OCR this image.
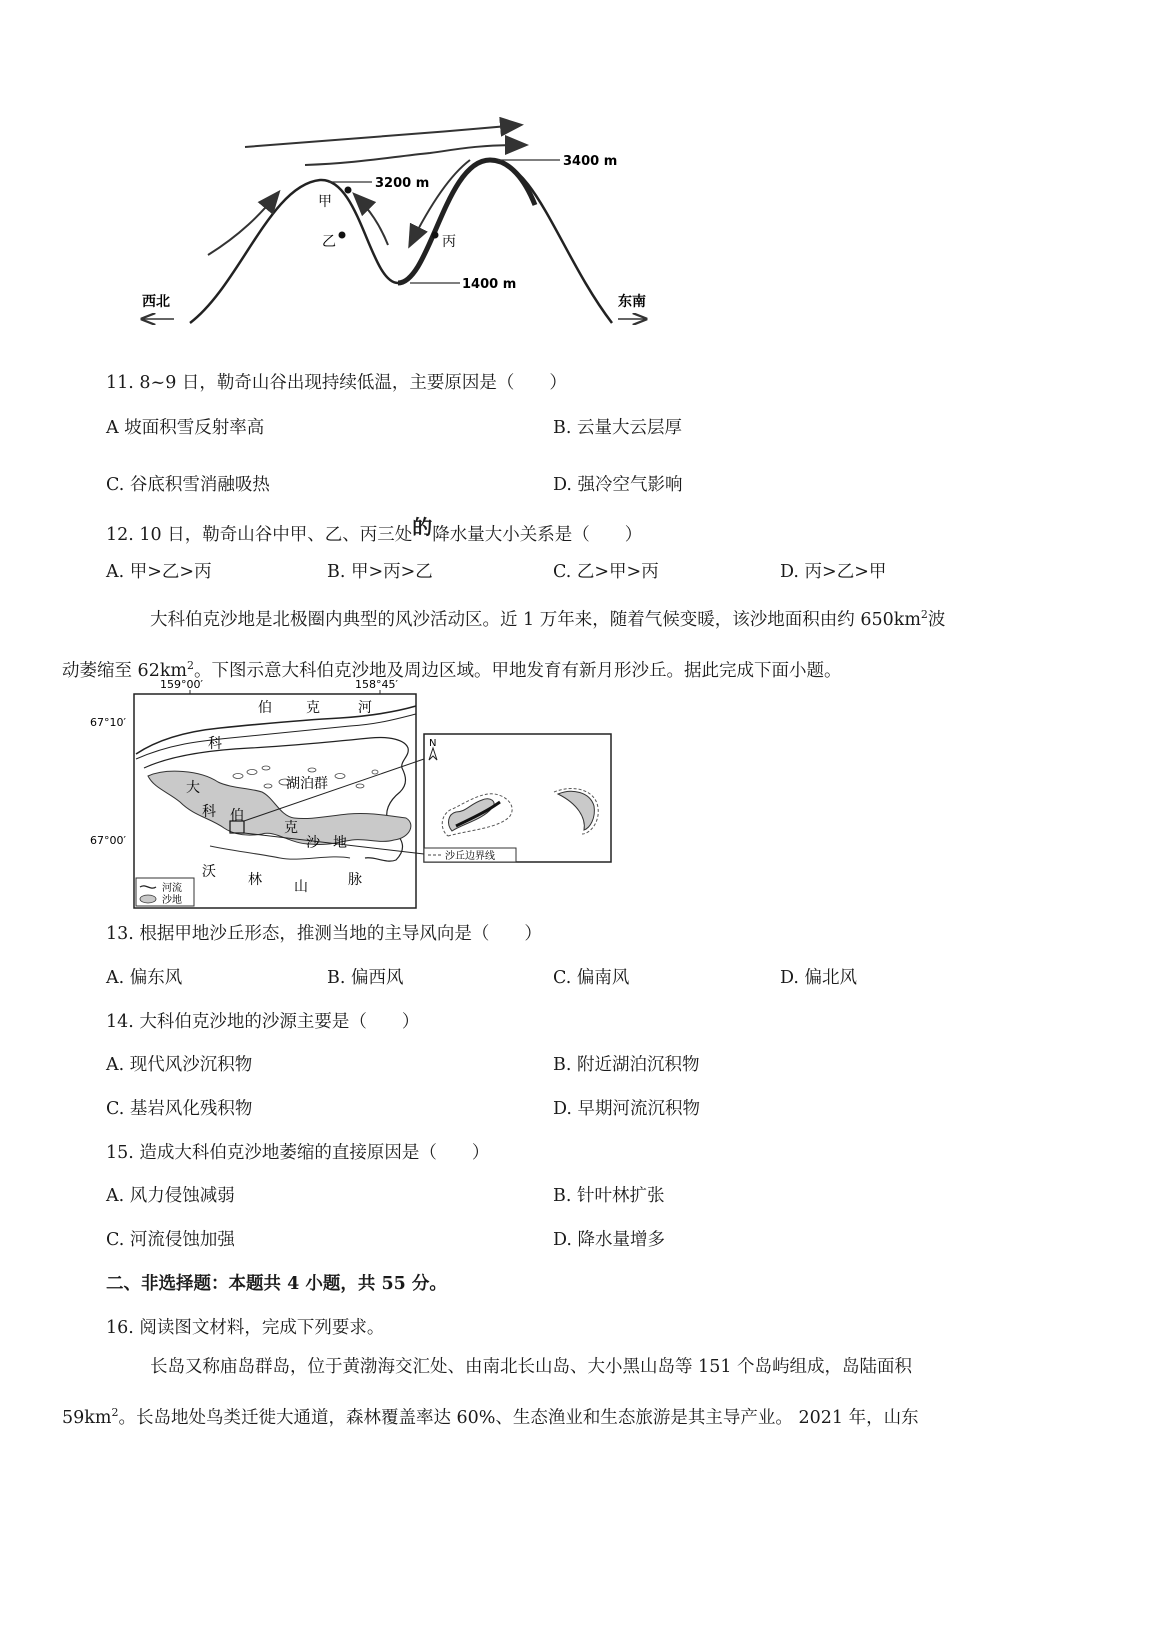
3400 m
3200 m
1400 m
甲
乙	丙
西北	东南
11. 8~9 日，勒奇山谷出现持续低温，主要原因是（　　）
A 坡面积雪反射率高	B. 云量大云层厚
C. 谷底积雪消融吸热	D. 强冷空气影响
12. 10 日，勒奇山谷中甲、乙、丙三处的降水量大小关系是（　　）
A. 甲>乙>丙	B. 甲>丙>乙	C. 乙>甲>丙	D. 丙>乙>甲
大科伯克沙地是北极圈内典型的风沙活动区。近 1 万年来，随着气候变暖，该沙地面积由约 $650km^2$波
动萎缩至 $62km^2$。下图示意大科伯克沙地及周边区域。甲地发育有新月形沙丘。据此完成下面小题。
159°00′	158°45′
67°10′
67°00′
科
伯 克	河
湖泊群
大
科 伯
克
沙 地
沃 林 山	脉
河流
沙地
N
沙丘边界线
13. 根据甲地沙丘形态，推测当地的主导风向是（　　）
A. 偏东风	B. 偏西风	C. 偏南风	D. 偏北风
14. 大科伯克沙地的沙源主要是（　　）
A. 现代风沙沉积物	B. 附近湖泊沉积物
C. 基岩风化残积物	D. 早期河流沉积物
15. 造成大科伯克沙地萎缩的直接原因是（　　）
A. 风力侵蚀减弱	B. 针叶林扩张
C. 河流侵蚀加强	D. 降水量增多
二、非选择题：本题共 4 小题，共 55 分。
16. 阅读图文材料，完成下列要求。
长岛又称庙岛群岛，位于黄渤海交汇处、由南北长山岛、大小黑山岛等 151 个岛屿组成，岛陆面积
$59km^2$。长岛地处鸟类迁徙大通道，森林覆盖率达 60%、生态渔业和生态旅游是其主导产业。 2021 年，山东
